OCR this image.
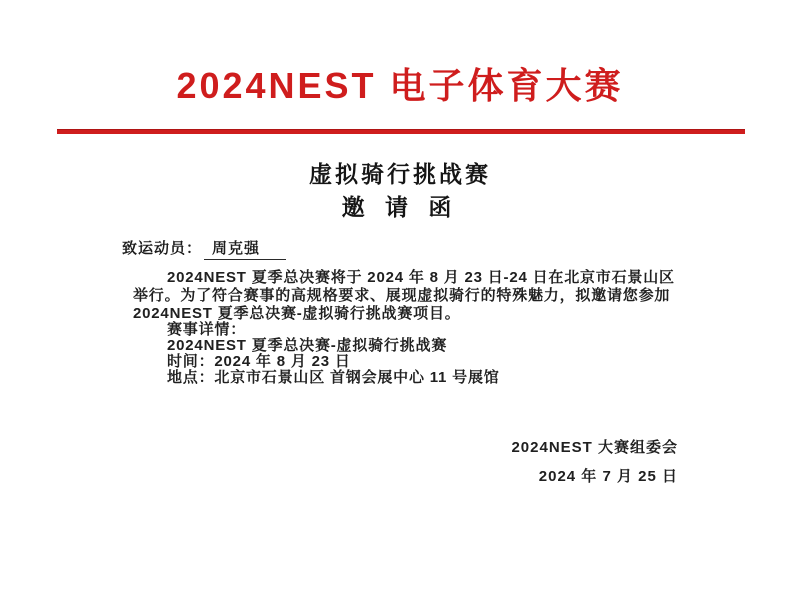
2024NEST 电子体育大赛
虚拟骑行挑战赛
邀 请 函
致运动员： 周克强
2024NEST 夏季总决赛将于 2024 年 8 月 23 日-24 日在北京市石景山区
举行。为了符合赛事的高规格要求、展现虚拟骑行的特殊魅力，拟邀请您参加
2024NEST 夏季总决赛-虚拟骑行挑战赛项目。
赛事详情：
2024NEST 夏季总决赛-虚拟骑行挑战赛
时间：2024 年 8 月 23 日
地点：北京市石景山区 首钢会展中心 11 号展馆
2024NEST 大赛组委会
2024 年 7 月 25 日
